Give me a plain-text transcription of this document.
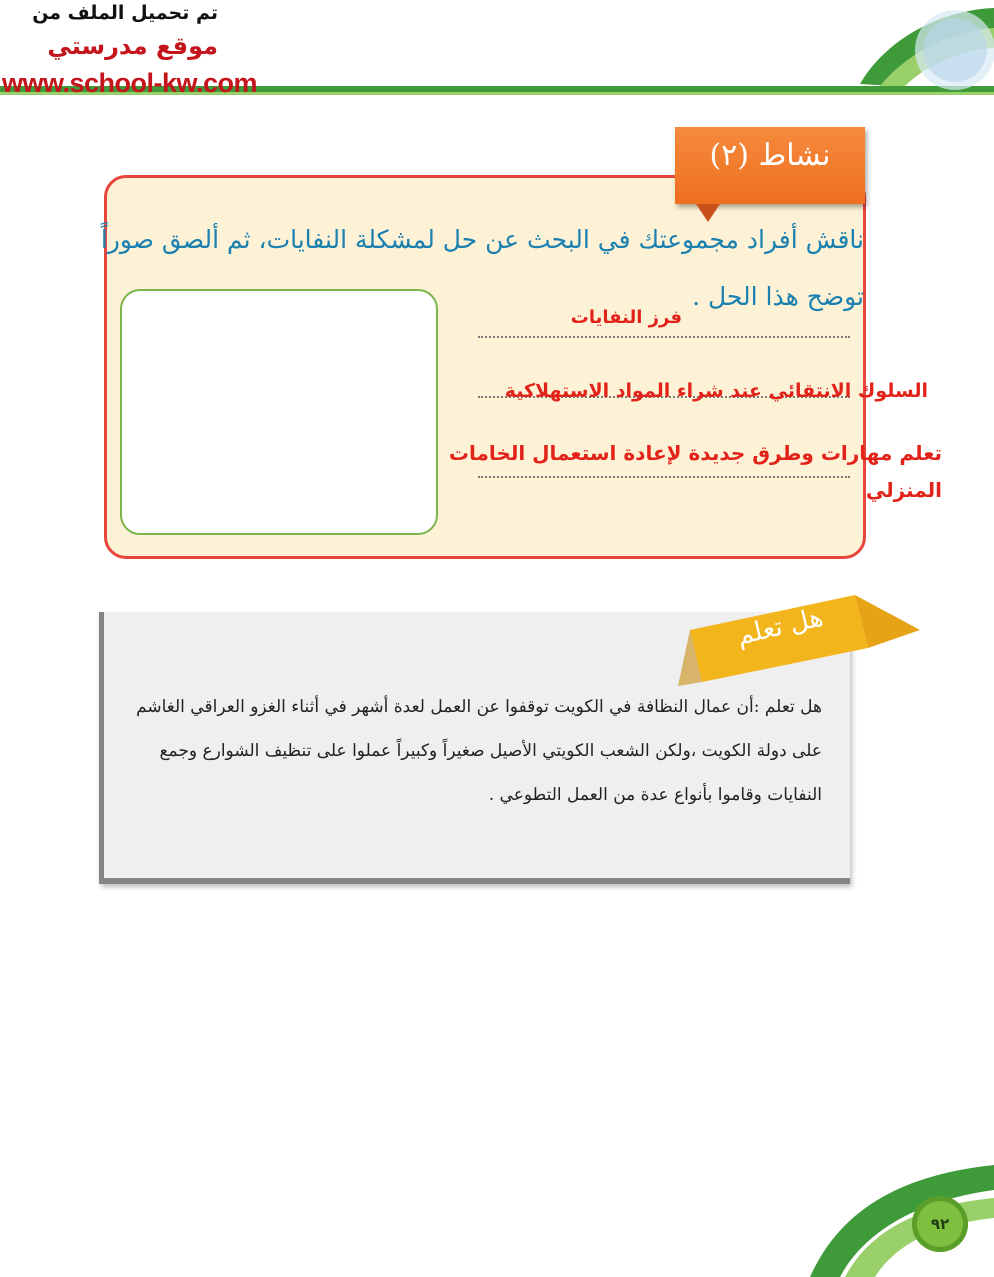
تم تحميل الملف من
موقع مدرستي
www.school-kw.com
نشاط (٢)
ناقش أفراد مجموعتك في البحث عن حل لمشكلة النفايات، ثم ألصق صوراً
توضح هذا الحل .
فرز النفايات
السلوك الانتقائي عند شراء المواد الاستهلاكية
تعلم مهارات وطرق جديدة لإعادة استعمال الخامات
المنزلي
هل تعلم
هل تعلم :أن عمال النظافة في الكويت توقفوا عن العمل لعدة أشهر في أثناء الغزو العراقي الغاشم
على دولة الكويت ،ولكن الشعب الكويتي الأصيل صغيراً وكبيراً عملوا على تنظيف الشوارع وجمع
النفايات وقاموا بأنواع عدة من العمل التطوعي .
٩٢
